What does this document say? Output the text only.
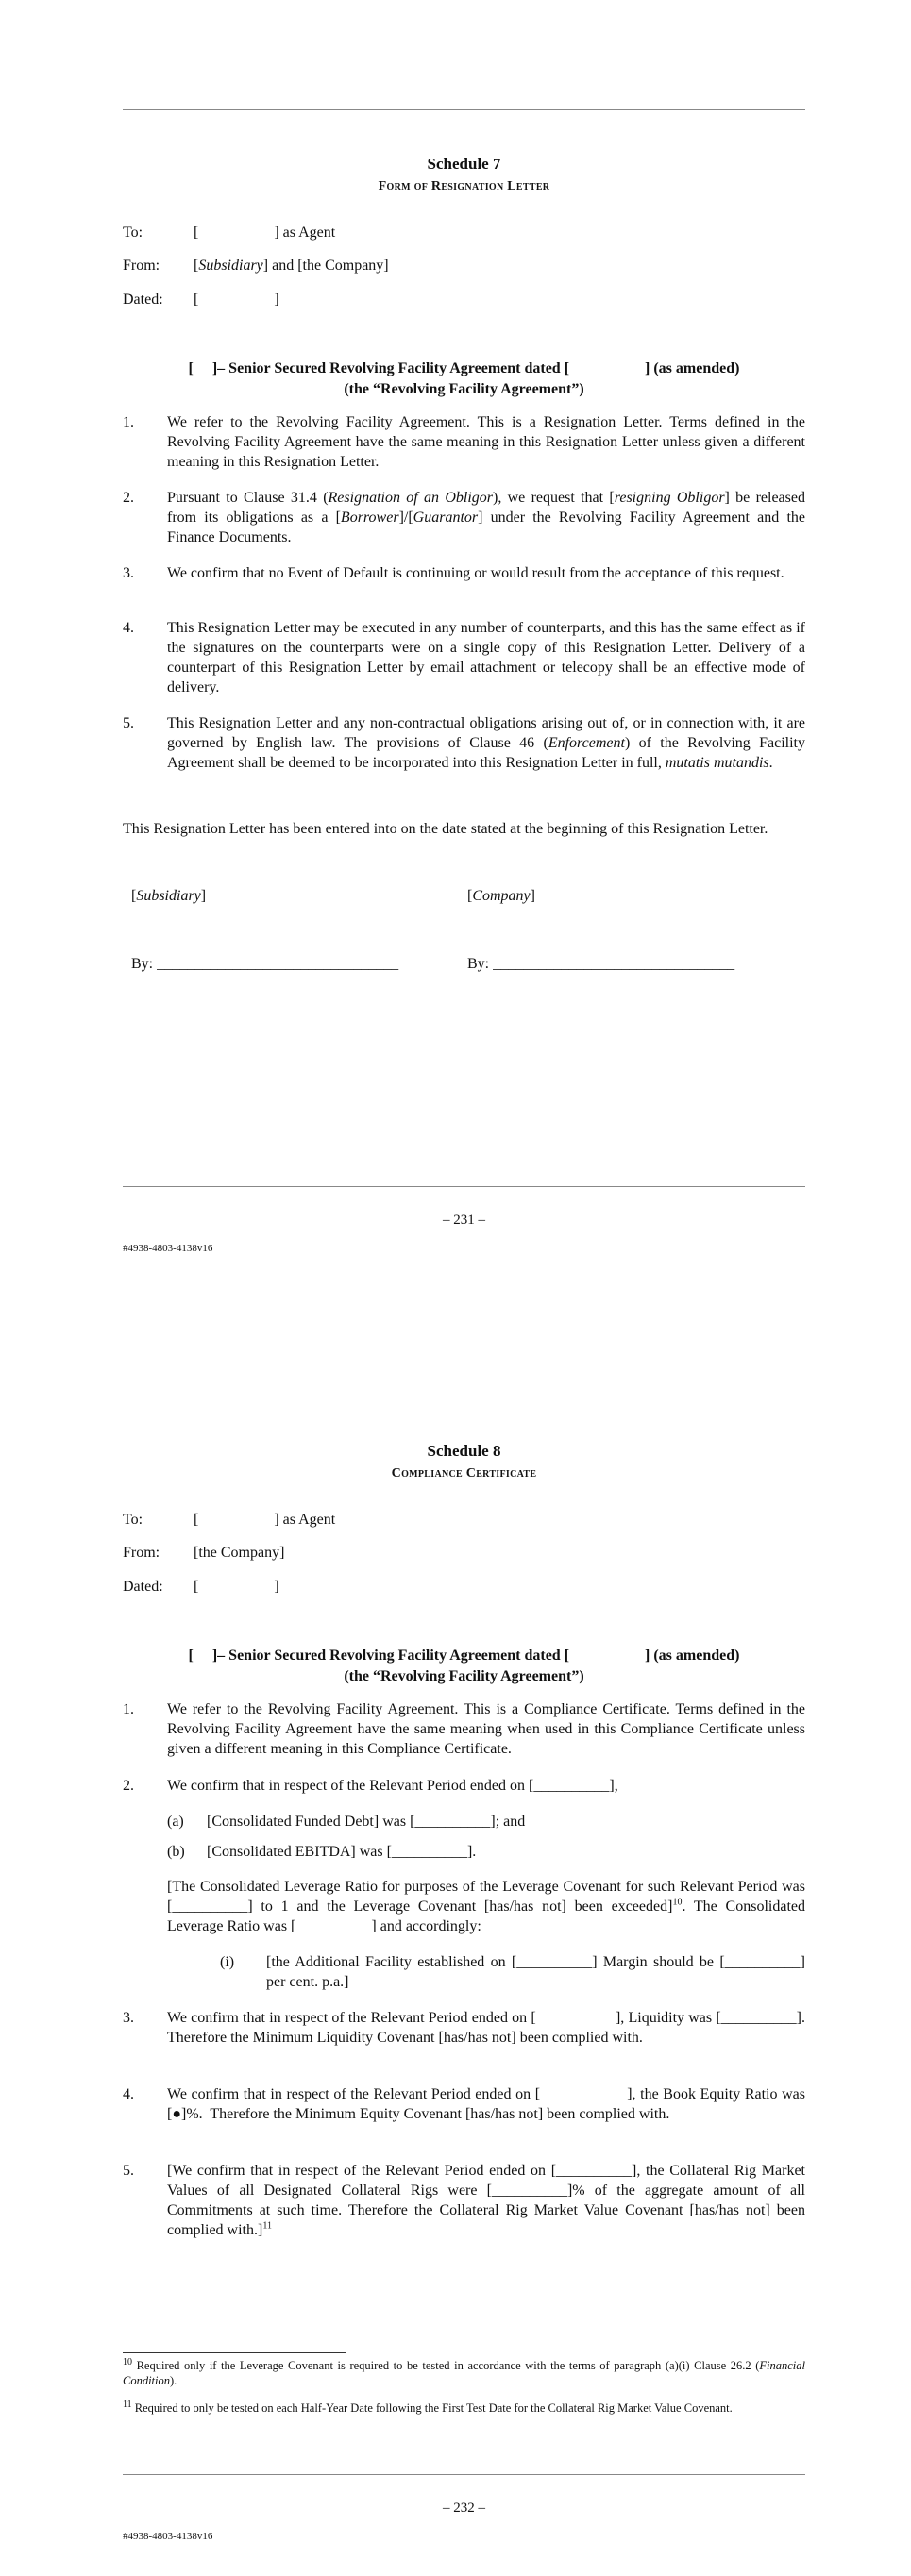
Schedule 7
Form of Resignation Letter
To:	[                    ] as Agent
From: [Subsidiary] and [the Company]
Dated: [                    ]
[     ]– Senior Secured Revolving Facility Agreement dated [                    ] (as amended)
(the “Revolving Facility Agreement”)
1. We refer to the Revolving Facility Agreement. This is a Resignation Letter. Terms defined in the Revolving Facility Agreement have the same meaning in this Resignation Letter unless given a different meaning in this Resignation Letter.
2. Pursuant to Clause 31.4 (Resignation of an Obligor), we request that [resigning Obligor] be released from its obligations as a [Borrower]/[Guarantor] under the Revolving Facility Agreement and the Finance Documents.
3. We confirm that no Event of Default is continuing or would result from the acceptance of this request.
4. This Resignation Letter may be executed in any number of counterparts, and this has the same effect as if the signatures on the counterparts were on a single copy of this Resignation Letter. Delivery of a counterpart of this Resignation Letter by email attachment or telecopy shall be an effective mode of delivery.
5. This Resignation Letter and any non-contractual obligations arising out of, or in connection with, it are governed by English law. The provisions of Clause 46 (Enforcement) of the Revolving Facility Agreement shall be deemed to be incorporated into this Resignation Letter in full, mutatis mutandis.
This Resignation Letter has been entered into on the date stated at the beginning of this Resignation Letter.
[Subsidiary]	[Company]
By: ________________________________	By: ________________________________
– 231 –
#4938-4803-4138v16
Schedule 8
Compliance Certificate
To:	[                    ] as Agent
From: [the Company]
Dated: [                    ]
[     ]– Senior Secured Revolving Facility Agreement dated [                    ] (as amended)
(the “Revolving Facility Agreement”)
1. We refer to the Revolving Facility Agreement. This is a Compliance Certificate. Terms defined in the Revolving Facility Agreement have the same meaning when used in this Compliance Certificate unless given a different meaning in this Compliance Certificate.
2. We confirm that in respect of the Relevant Period ended on [__________],
(a) [Consolidated Funded Debt] was [__________]; and
(b) [Consolidated EBITDA] was [__________].
[The Consolidated Leverage Ratio for purposes of the Leverage Covenant for such Relevant Period was [__________] to 1 and the Leverage Covenant [has/has not] been exceeded]$^{10}$. The Consolidated Leverage Ratio was [__________] and accordingly:
(i) [the Additional Facility established on [__________] Margin should be [__________] per cent. p.a.]
3. We confirm that in respect of the Relevant Period ended on [                    ], Liquidity was [__________]. Therefore the Minimum Liquidity Covenant [has/has not] been complied with.
4. We confirm that in respect of the Relevant Period ended on [                    ], the Book Equity Ratio was [●]%.  Therefore the Minimum Equity Covenant [has/has not] been complied with.
5. [We confirm that in respect of the Relevant Period ended on [__________], the Collateral Rig Market Values of all Designated Collateral Rigs were [__________]% of the aggregate amount of all Commitments at such time. Therefore the Collateral Rig Market Value Covenant [has/has not] been complied with.]$^{11}$
$^{10}$ Required only if the Leverage Covenant is required to be tested in accordance with the terms of paragraph (a)(i) Clause 26.2 (Financial Condition).
$^{11}$ Required to only be tested on each Half-Year Date following the First Test Date for the Collateral Rig Market Value Covenant.
– 232 –
#4938-4803-4138v16
